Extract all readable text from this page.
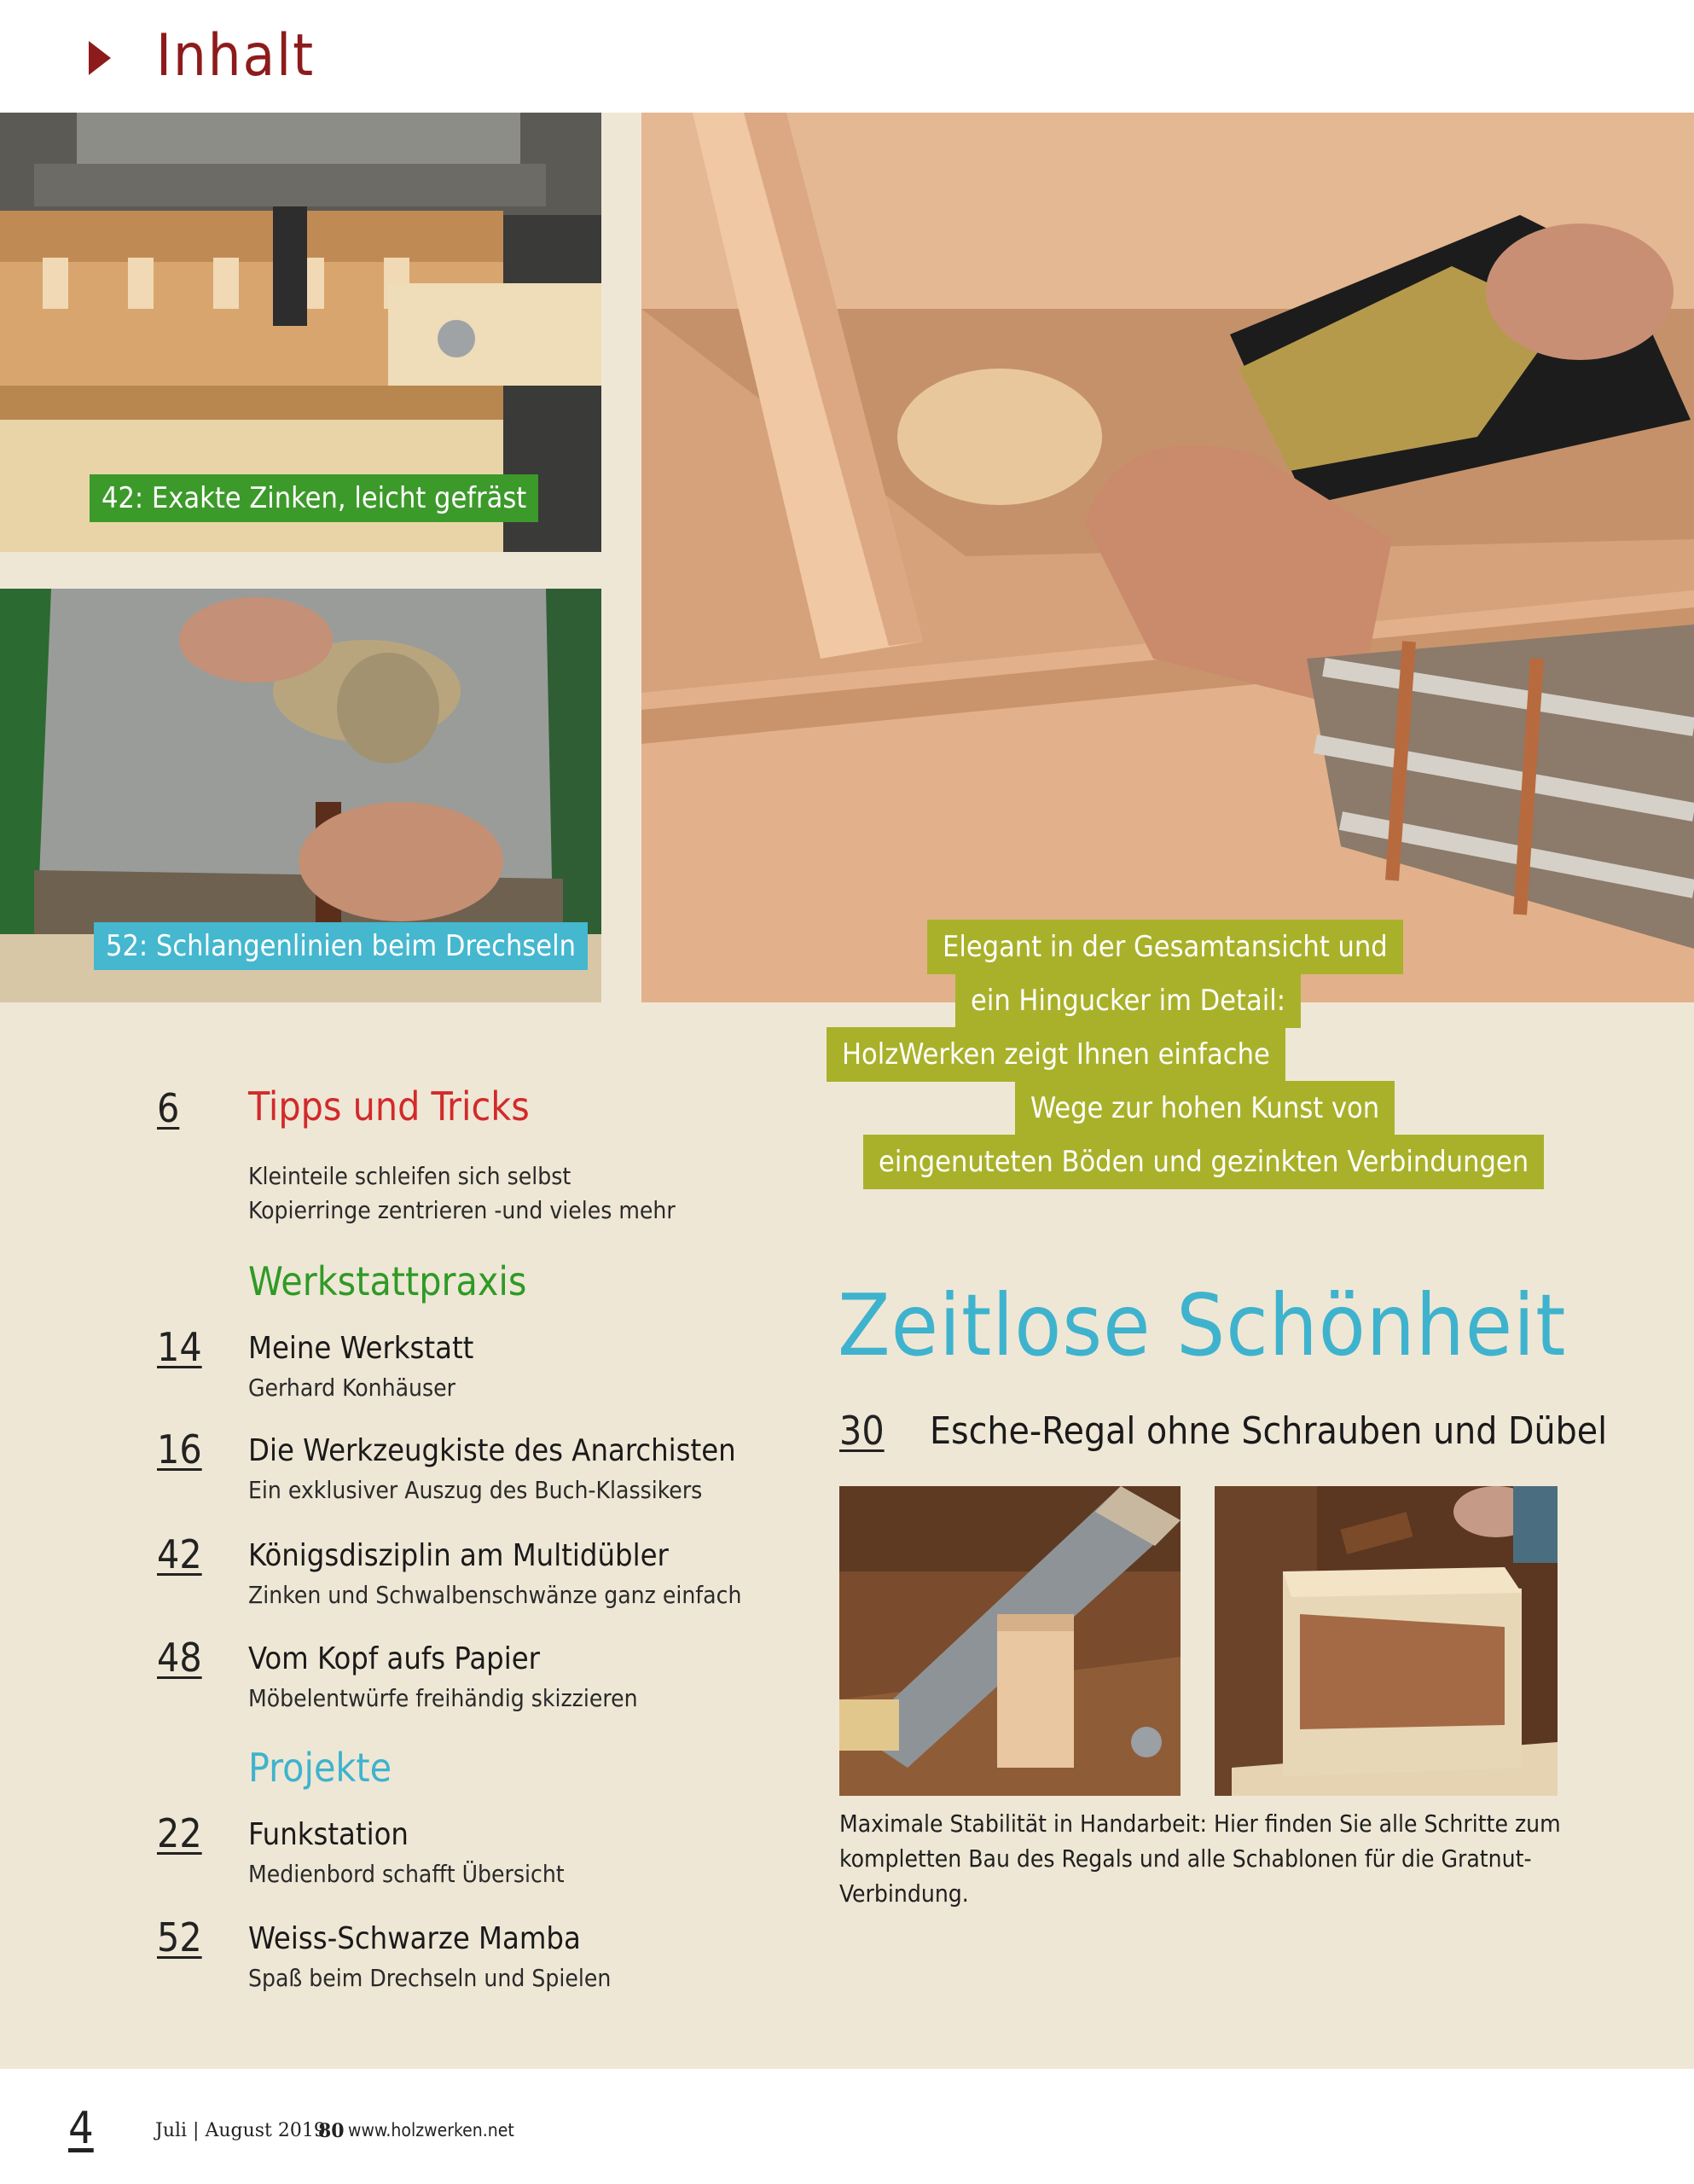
Inhalt
42: Exakte Zinken, leicht gefräst
52: Schlangenlinien beim Drechseln	Elegant in der Gesamtansicht und
ein Hingucker im Detail:
HolzWerken zeigt Ihnen einfache
Wege zur hohen Kunst von
eingenuteten Böden und gezinkten Verbindungen
6 Tipps und Tricks
Kleinteile schleifen sich selbst
Kopierringe zentrieren -und vieles mehr
Werkstattpraxis
14 Meine Werkstatt
Gerhard Konhäuser
16 Die Werkzeugkiste des Anarchisten
Ein exklusiver Auszug des Buch-Klassikers
42 Königsdisziplin am Multidübler
Zinken und Schwalbenschwänze ganz einfach
48 Vom Kopf aufs Papier
Möbelentwürfe freihändig skizzieren
Projekte
22 Funkstation
Medienbord schafft Übersicht
52 Weiss-Schwarze Mamba
Spaß beim Drechseln und Spielen
Zeitlose Schönheit
30 Esche-Regal ohne Schrauben und Dübel
Maximale Stabilität in Handarbeit: Hier finden Sie alle Schritte zum kompletten Bau des Regals und alle Schablonen für die Gratnut-Verbindung.
4	Juli | August 2019
80 www.holzwerken.net
